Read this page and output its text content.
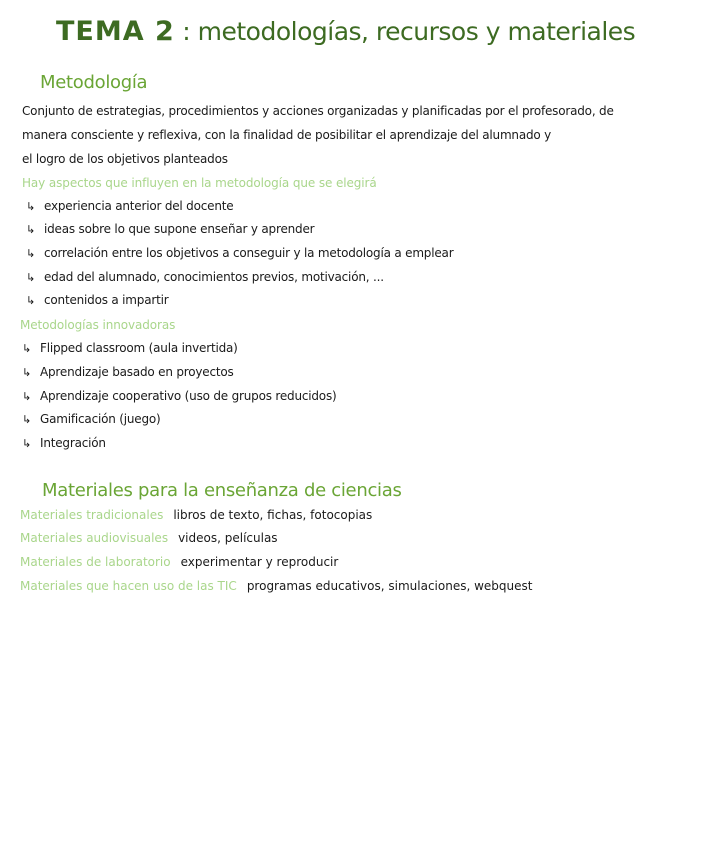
TEMA 2 : metodologías, recursos y materiales
Metodología
Conjunto de estrategias, procedimientos y acciones organizadas y planificadas por el profesorado, de
manera consciente y reflexiva, con la finalidad de posibilitar el aprendizaje del alumnado y
el logro de los objetivos planteados
Hay aspectos que influyen en la metodología que se elegirá
↳ experiencia anterior del docente
↳ ideas sobre lo que supone enseñar y aprender
↳ correlación entre los objetivos a conseguir y la metodología a emplear
↳ edad del alumnado, conocimientos previos, motivación, ...
↳ contenidos a impartir
Metodologías innovadoras
↳ Flipped classroom (aula invertida)
↳ Aprendizaje basado en proyectos
↳ Aprendizaje cooperativo (uso de grupos reducidos)
↳ Gamificación (juego)
↳ Integración
Materiales para la enseñanza de ciencias
Materiales tradicionales libros de texto, fichas, fotocopias
Materiales audiovisuales videos, películas
Materiales de laboratorio experimentar y reproducir
Materiales que hacen uso de las TIC programas educativos, simulaciones, webquest
